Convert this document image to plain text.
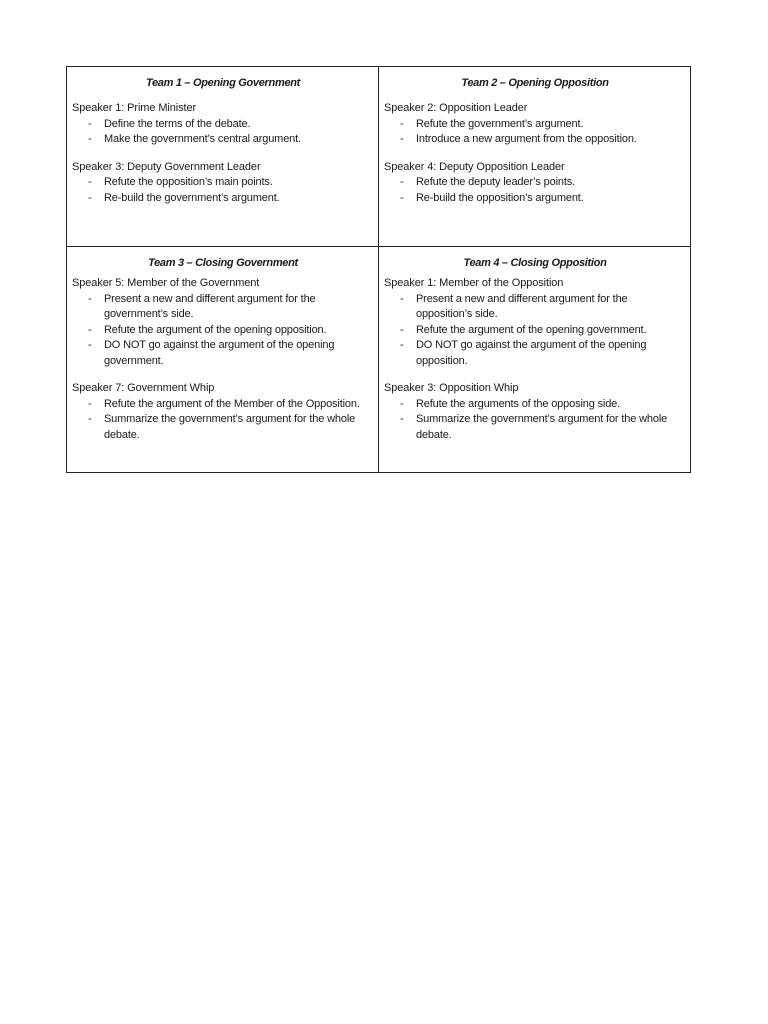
Team 1 – Opening Government
Speaker 1: Prime Minister
- Define the terms of the debate.
- Make the government’s central argument.
Speaker 3: Deputy Government Leader
- Refute the opposition’s main points.
- Re-build the government’s argument.
Team 2 – Opening Opposition
Speaker 2: Opposition Leader
- Refute the government’s argument.
- Introduce a new argument from the opposition.
Speaker 4: Deputy Opposition Leader
- Refute the deputy leader’s points.
- Re-build the opposition’s argument.
Team 3 – Closing Government
Speaker 5: Member of the Government
- Present a new and different argument for the government’s side.
- Refute the argument of the opening opposition.
- DO NOT go against the argument of the opening government.
Speaker 7: Government Whip
- Refute the argument of the Member of the Opposition.
- Summarize the government’s argument for the whole debate.
Team 4 – Closing Opposition
Speaker 1: Member of the Opposition
- Present a new and different argument for the opposition’s side.
- Refute the argument of the opening government.
- DO NOT go against the argument of the opening opposition.
Speaker 3: Opposition Whip
- Refute the arguments of the opposing side.
- Summarize the government’s argument for the whole debate.
